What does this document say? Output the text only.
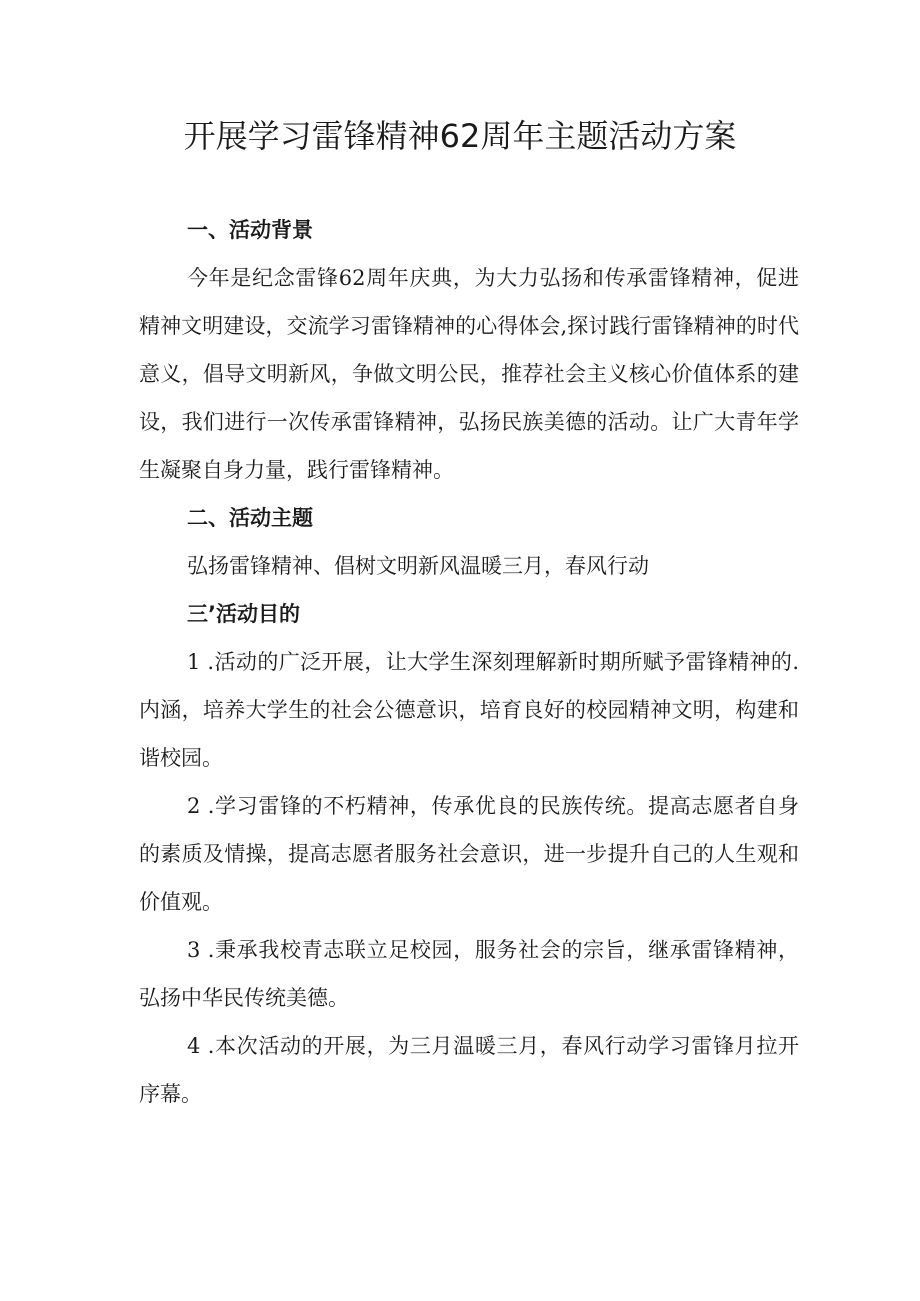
开展学习雷锋精神62周年主题活动方案

一、活动背景

今年是纪念雷锋62周年庆典，为大力弘扬和传承雷锋精神，促进精神文明建设，交流学习雷锋精神的心得体会,探讨践行雷锋精神的时代意义，倡导文明新风，争做文明公民，推荐社会主义核心价值体系的建设，我们进行一次传承雷锋精神，弘扬民族美德的活动。让广大青年学生凝聚自身力量，践行雷锋精神。

二、活动主题

弘扬雷锋精神、倡树文明新风温暖三月，春风行动

三’活动目的

1 .活动的广泛开展，让大学生深刻理解新时期所赋予雷锋精神的.内涵，培养大学生的社会公德意识，培育良好的校园精神文明，构建和谐校园。

2 .学习雷锋的不朽精神，传承优良的民族传统。提高志愿者自身的素质及情操，提高志愿者服务社会意识，进一步提升自己的人生观和价值观。

3 .秉承我校青志联立足校园，服务社会的宗旨，继承雷锋精神，弘扬中华民传统美德。

4 .本次活动的开展，为三月温暖三月，春风行动学习雷锋月拉开序幕。
